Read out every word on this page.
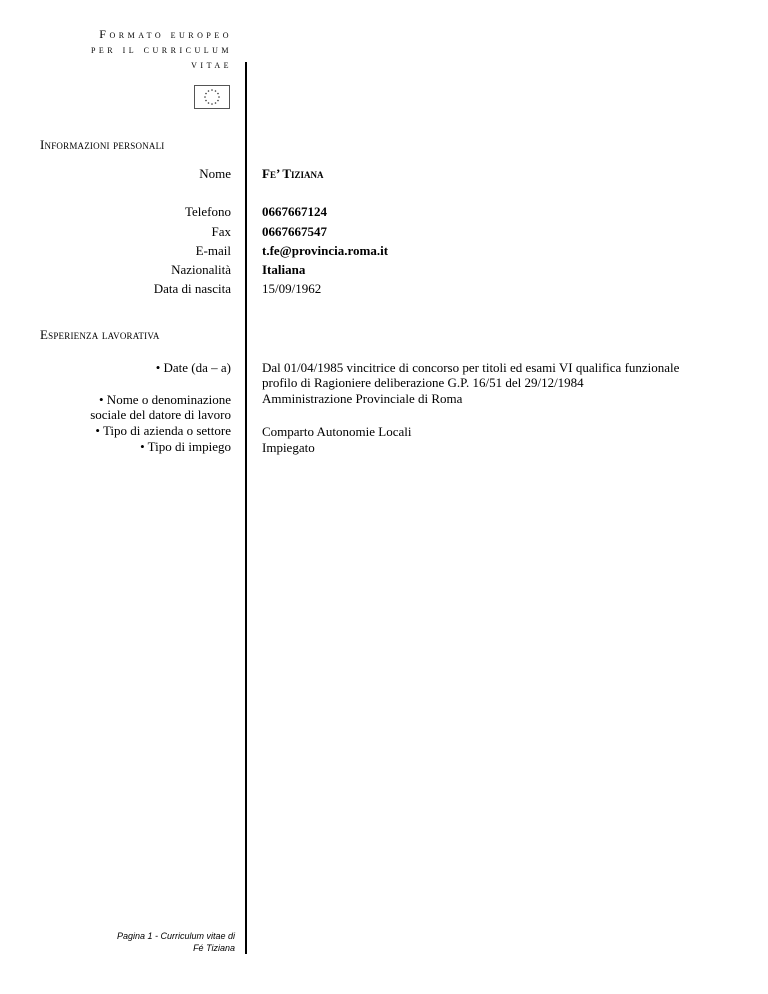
Formato europeo
per il curriculum
vitae
Informazioni personali
Nome Fe’ Tiziana
Telefono 0667667124
Fax 0667667547
E-mail t.fe@provincia.roma.it
Nazionalità Italiana
Data di nascita 15/09/1962
Esperienza lavorativa
• Date (da – a) Dal 01/04/1985 vincitrice di concorso per titoli ed esami VI qualifica funzionale
profilo di Ragioniere deliberazione G.P. 16/51 del 29/12/1984
• Nome o denominazione
sociale del datore di lavoro
Amministrazione Provinciale di Roma
• Tipo di azienda o settore Comparto Autonomie Locali
• Tipo di impiego Impiegato
Pagina 1 - Curriculum vitae di
Fé Tiziana
